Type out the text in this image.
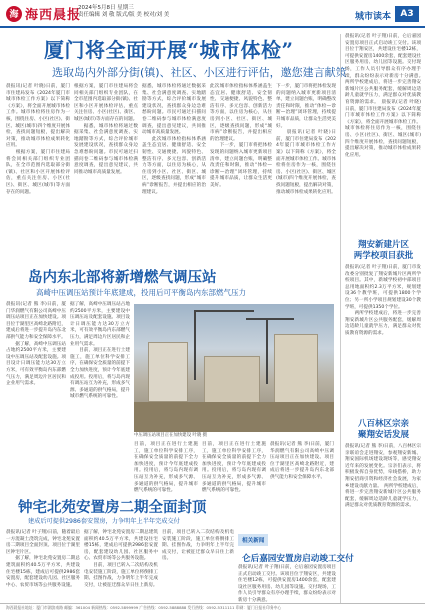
海 海西晨报
2024年5月8日 星期三
责任编辑 刘 敬 版式/版 美 校对/刘 美	城市读本	A3
厦门将全面开展“城市体检”
选取岛内外部分街(镇)、社区、小区进行评估，邀您建言献策
晨报讯(记者 叶晓)日前，厦门市住建局发布《2024年厦门市城市体检工作方案》以下简称《方案》，将全面开展城市体检工作。城市体检将住房作为一核，围绕住房、小区(社区)、街区、城区(城市)四个维度开展体检，查找问题短板，提出解决对策，推动城市体检成果转化应用。
　　根据方案，厦门市住建局将会同相关部门组织专业团队，在全市范围内选取部分街(镇)、社区和小区开展体检评估，重点关注住房、小区(社区)、街区、城区(城市)等方面存在的问题。
根据方案，厦门市住建局将会同相关部门组织专业团队，在全市范围内选取部分街(镇)、社区和小区开展体检评估，重点关注住房、小区(社区)、街区、城区(城市)等方面存在的问题。
　　据悉，城市体检将通过数据采集、社会满意度调查、实地踏勘等方式，综合评价城市发展建设状况，查找群众身边急难愁盼问题。市民可通过扫描问卷二维码参与城市体检满意度调查，提出意见建议，共同推动城市高质量发展。
据悉，城市体检将通过数据采集、社会满意度调查、实地踏勘等方式，综合评价城市发展建设状况，查找群众身边急难愁盼问题。市民可通过扫描问卷二维码参与城市体检满意度调查，提出意见建议，共同推动城市高质量发展。
　　此次城市体检指标体系涵盖生态宜居、健康舒适、安全韧性、交通便捷、风貌特色、整洁有序、多元包容、创新活力等方面，以住房为核心，从住房到小区、社区、街区、城区，逐级查找问题，形成“城市病”诊断报告，并提出相应的治理建议。
此次城市体检指标体系涵盖生态宜居、健康舒适、安全韧性、交通便捷、风貌特色、整洁有序、多元包容、创新活力等方面，以住房为核心，从住房到小区、社区、街区、城区，逐级查找问题，形成“城市病”诊断报告，并提出相应的治理建议。
　　下一步，厦门市将把体检发现的问题纳入城市更新项目清单，建立问题台账，明确整改责任和时限，推动“体检—诊断—治理”闭环管理，持续提升城市品质，让群众生活更美好。
下一步，厦门市将把体检发现的问题纳入城市更新项目清单，建立问题台账，明确整改责任和时限，推动“体检—诊断—治理”闭环管理，持续提升城市品质，让群众生活更美好。
　　晨报讯(记者 叶晓)日前，厦门市住建局发布《2024年厦门市城市体检工作方案》以下简称《方案》，将全面开展城市体检工作。城市体检将住房作为一核，围绕住房、小区(社区)、街区、城区(城市)四个维度开展体检，查找问题短板，提出解决对策，推动城市体检成果转化应用。
晨报讯(记者 叶子翔)日前，仑后嘉园安置房项目正式启动竣工交付。该项目位于翔安区，共建设住宅楼12栋，可提供安置房1400余套，配套建设社区服务用房、幼儿园等设施。交付现场，工作人员引导群众有序办理手续，群众纷纷表示对新房十分满意。　两所学校建成后，将进一步完善翔安新城片区公共服务配套，缓解周边适龄儿童就学压力，满足群众对优质教育资源的需求。　 晨报讯(记者 叶晓)日前，厦门市住建局发布《2024年厦门市城市体检工作方案》以下简称《方案》，将全面开展城市体检工作。城市体检将住房作为一核，围绕住房、小区(社区)、街区、城区(城市)四个维度开展体检，查找问题短板，提出解决对策，推动城市体检成果转化应用。
翔安新建片区
两学校项目获批
晨报讯(记者 叶子翔)日前，厦门市发改委分别批复了翔安新城片区两所学校项目。其中，新城学校初中部项目总用地面积约2.3万平方米，规划建设36个教学班，可提供1800个学位；另一所小学项目规划建设30个教学班，可提供1350个学位。
　　两所学校建成后，将进一步完善翔安新城片区公共服务配套，缓解周边适龄儿童就学压力，满足群众对优质教育资源的需求。
八百林区宗亲
聚翔安话发展
晨报讯(记者 熊 李)日前，八百林区宗亲联谊会走进翔安，参观翔安新城、翔安国际机场建设现场等，感受翔安近年来的发展变化。宗亲们表示，将积极发挥自身优势，牵线搭桥，助力翔安招商引资和经济社会发展，为家乡建设贡献力量。　 两所学校建成后，将进一步完善翔安新城片区公共服务配套，缓解周边适龄儿童就学压力，满足群众对优质教育资源的需求。
岛内东北部将新增燃气调压站
高崎中压调压站预计年底建成，投用后可平衡岛内东部燃气压力
晨报讯(记者 熊 李)日前，厦门华润燃气有限公司高崎中压调压站项目正在加快建设。项目位于湖里区高崎北路附近，建成后将进一步提升岛内东北部供气能力和安全保障水平。
　　据了解，高崎中压调压站占地约2500平方米，主要建设中压调压站及配套设施。项目设计日调压能力达30万立方米，可有效平衡岛内东部燃气压力，满足周边片区居民和企业用气需求。
据了解，高崎中压调压站占地约2500平方米，主要建设中压调压站及配套设施。项目设计日调压能力达30万立方米，可有效平衡岛内东部燃气压力，满足周边片区居民和企业用气需求。
　　目前，项目正在进行土建施工，施工单位科学安排工序，在确保安全质量的前提下全力加快进度，预计今年底建成投用。投用后，将与岛内现有调压站互为补充，形成多气源、多通道的供气格局，提升城市燃气系统的可靠性。
中压调压站项目正在加快建设 叶晓 摄
目前，项目正在进行土建施工，施工单位科学安排工序，在确保安全质量的前提下全力加快进度，预计今年底建成投用。投用后，将与岛内现有调压站互为补充，形成多气源、多通道的供气格局，提升城市燃气系统的可靠性。
目前，项目正在进行土建施工，施工单位科学安排工序，在确保安全质量的前提下全力加快进度，预计今年底建成投用。投用后，将与岛内现有调压站互为补充，形成多气源、多通道的供气格局，提升城市燃气系统的可靠性。
晨报讯(记者 熊 李)日前，厦门华润燃气有限公司高崎中压调压站项目正在加快建设。项目位于湖里区高崎北路附近，建成后将进一步提升岛内东北部供气能力和安全保障水平。
钟宅北苑安置房二期全面封顶
建成后可提供2986套安置房，力争明年上半年完成交付
晨报讯(记者 叶子翔)日前，随着最后一方混凝土浇筑完成，钟宅北苑安置房二期项目全面封顶。项目位于湖里区钟宅片区。
　　据了解，钟宅北苑安置房二期总建筑面积约40.5万平方米，共建设住宅楼15栋，建成后可提供2986套安置房，配套建设幼儿园、社区服务中心、农贸市场等公共服务设施。
据了解，钟宅北苑安置房二期总建筑面积约40.5万平方米，共建设住宅楼15栋，建成后可提供2986套安置房，配套建设幼儿园、社区服务中心、农贸市场等公共服务设施。
　　目前，项目已转入二次结构及机电安装施工阶段，施工单位将倒排工期、挂图作战，力争明年上半年完成交付，让被征迁群众早日住上新房。
目前，项目已转入二次结构及机电安装施工阶段，施工单位将倒排工期、挂图作战，力争明年上半年完成交付，让被征迁群众早日住上新房。
相关新闻
仑后嘉园安置房启动竣工交付
晨报讯(记者 叶子翔)日前，仑后嘉园安置房项目正式启动竣工交付。该项目位于翔安区，共建设住宅楼12栋，可提供安置房1400余套，配套建设社区服务用房、幼儿园等设施。交付现场，工作人员引导群众有序办理手续，群众纷纷表示对新房十分满意。
海西晨报社地址：厦门市湖滨南路 邮编：361004 新闻热线：0592-5899999 广告热线：0592-5888888 发行热线：0592-5311111 印刷：厦门日报社印务中心
